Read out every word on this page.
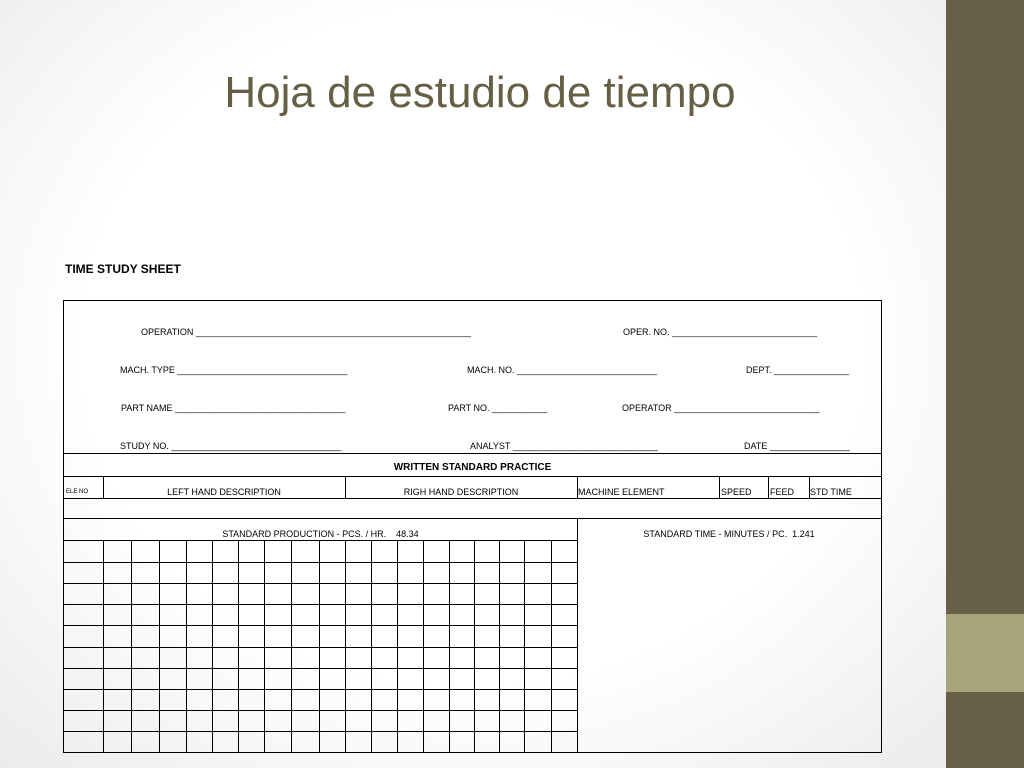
Hoja de estudio de tiempo
TIME STUDY SHEET
OPERATION _______________________________________________________	OPER. NO. _____________________________
MACH. TYPE __________________________________	MACH. NO. ____________________________	DEPT. _______________
PART NAME __________________________________	PART NO. ___________	OPERATOR _____________________________
STUDY NO. __________________________________	ANALYST _____________________________	DATE ________________
WRITTEN STANDARD PRACTICE
ELE NO	LEFT HAND DESCRIPTION	RIGH HAND DESCRIPTION	MACHINE ELEMENT	SPEED FEED STD TIME
STANDARD PRODUCTION - PCS. / HR.    48.34	STANDARD TIME - MINUTES / PC.  1.241
